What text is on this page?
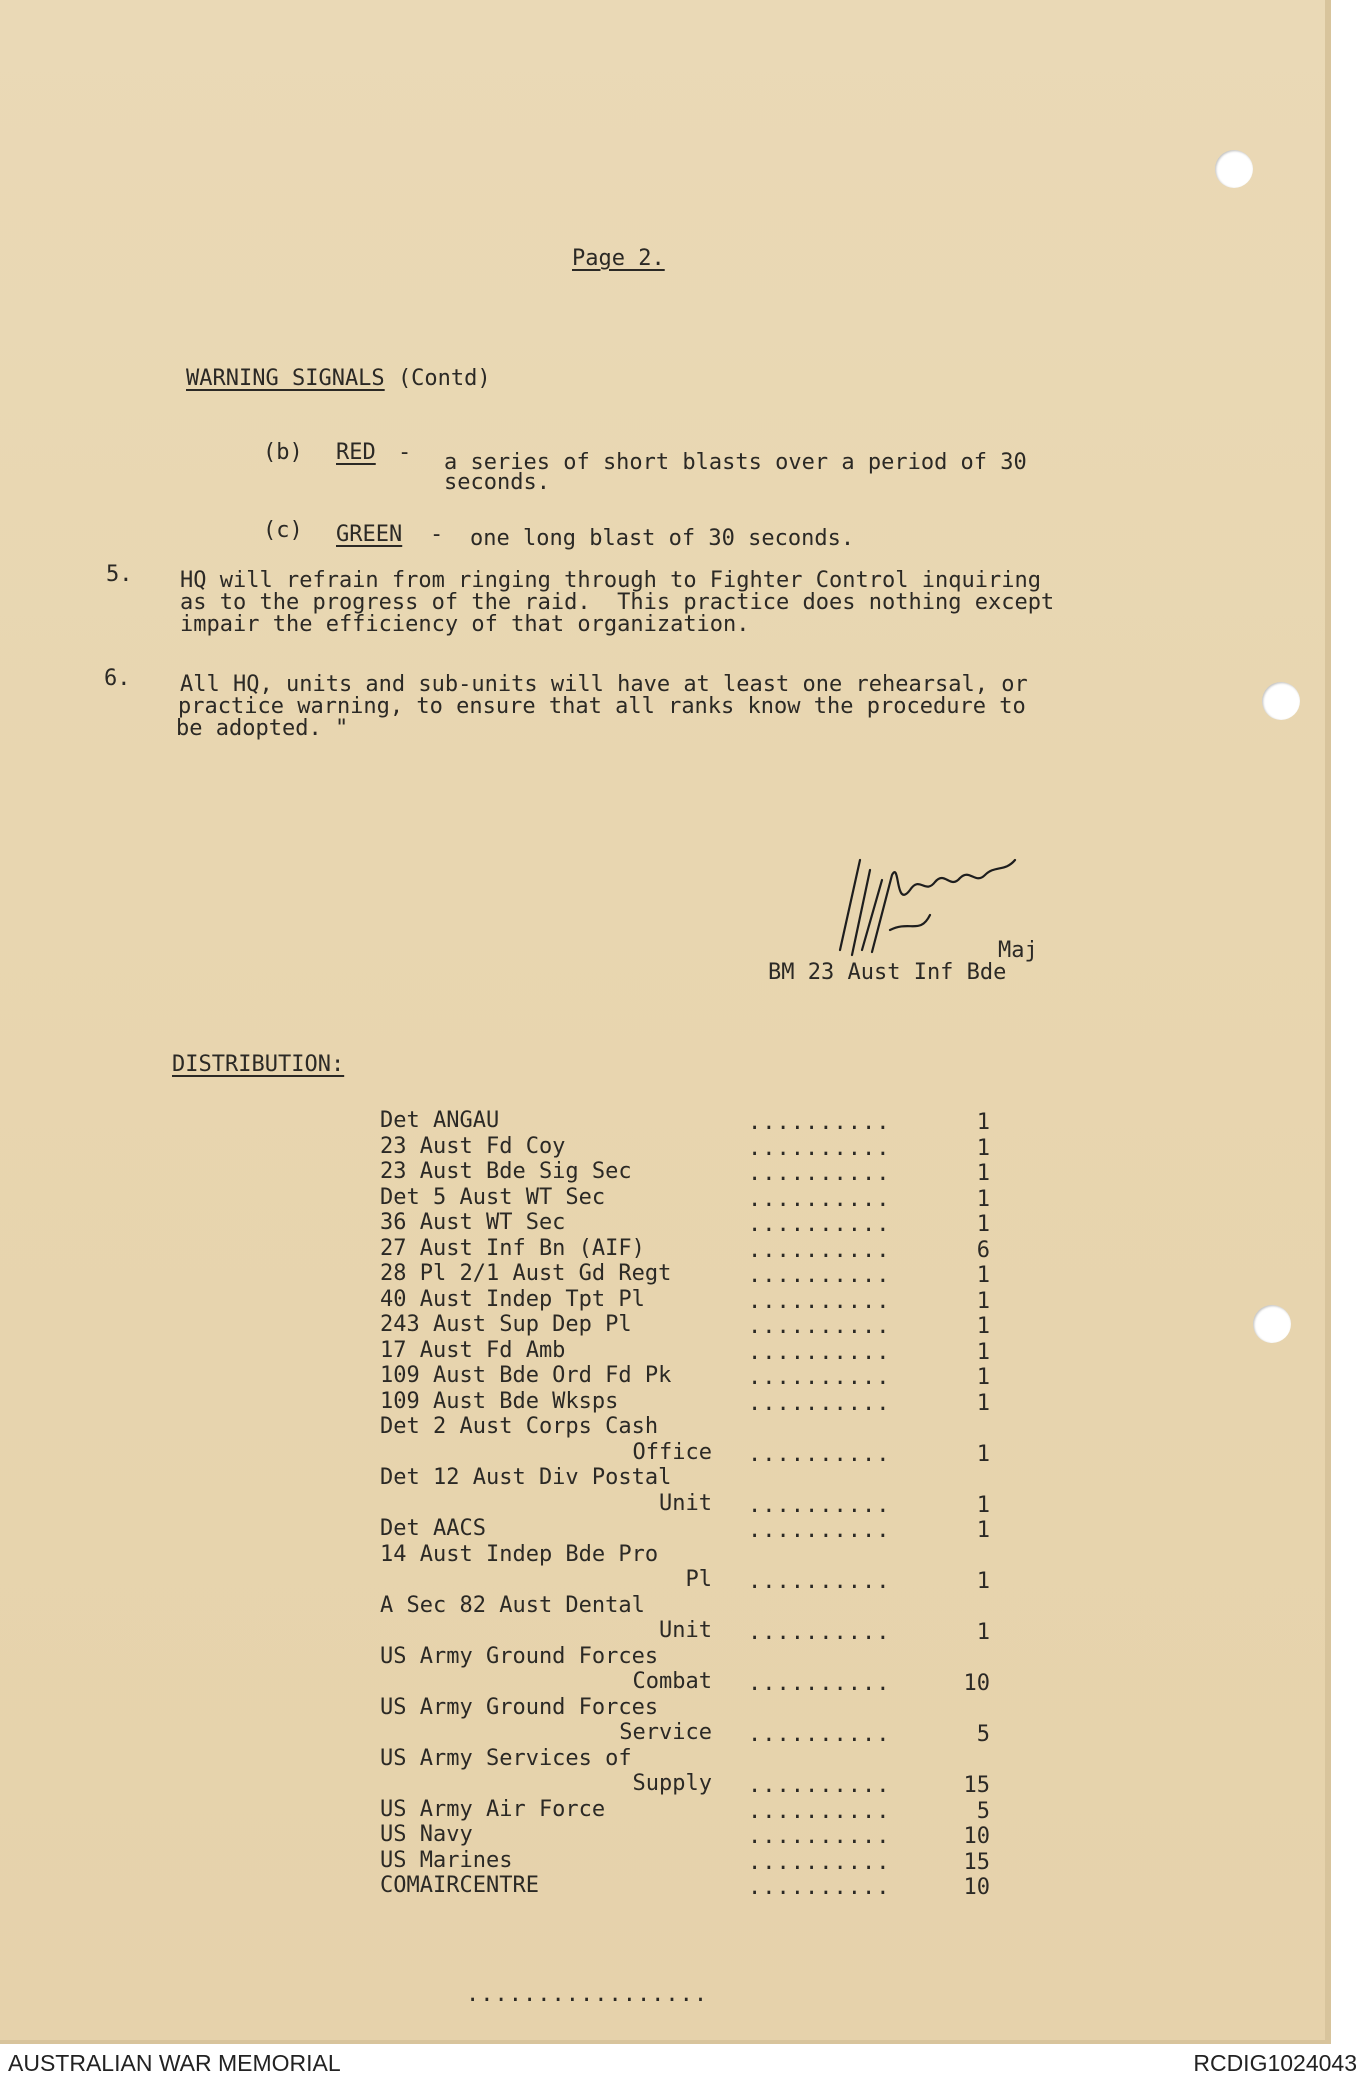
Page 2.
WARNING SIGNALS (Contd)
(b) RED - a series of short blasts over a period of 30
seconds.
(c) GREEN - one long blast of 30 seconds.
5. HQ will refrain from ringing through to Fighter Control inquiring
as to the progress of the raid.  This practice does nothing except
impair the efficiency of that organization.
6. All HQ, units and sub-units will have at least one rehearsal, or
practice warning, to ensure that all ranks know the procedure to
be adopted. "
Maj
BM 23 Aust Inf Bde
DISTRIBUTION:
Det ANGAU	..........	1
23 Aust Fd Coy	..........	1
23 Aust Bde Sig Sec	..........	1
Det 5 Aust WT Sec	..........	1
36 Aust WT Sec	..........	1
27 Aust Inf Bn (AIF)	..........	6
28 Pl 2/1 Aust Gd Regt	..........	1
40 Aust Indep Tpt Pl	..........	1
243 Aust Sup Dep Pl	..........	1
17 Aust Fd Amb	..........	1
109 Aust Bde Ord Fd Pk	..........	1
109 Aust Bde Wksps	..........	1
Det 2 Aust Corps Cash
Office ..........	1
Det 12 Aust Div Postal
Unit ..........	1
Det AACS	..........	1
14 Aust Indep Bde Pro
Pl ..........	1
A Sec 82 Aust Dental
Unit ..........	1
US Army Ground Forces
Combat ..........	10
US Army Ground Forces
Service ..........	5
US Army Services of
Supply ..........	15
US Army Air Force	..........	5
US Navy	..........	10
US Marines	..........	15
COMAIRCENTRE	..........	10
.................
AUSTRALIAN WAR MEMORIAL	RCDIG1024043
